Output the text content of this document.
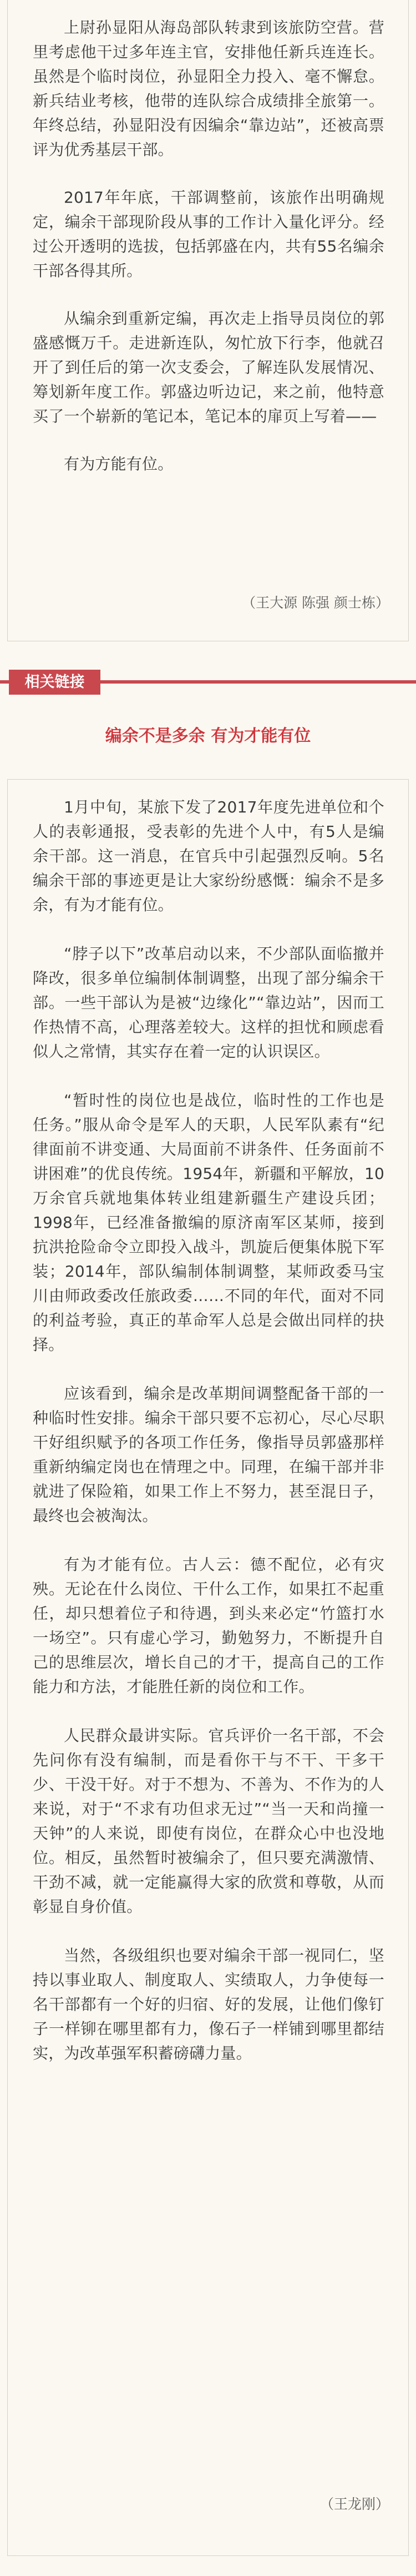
上尉孙显阳从海岛部队转隶到该旅防空营。营里考虑他干过多年连主官，安排他任新兵连连长。虽然是个临时岗位，孙显阳全力投入、毫不懈怠。新兵结业考核，他带的连队综合成绩排全旅第一。年终总结，孙显阳没有因编余“靠边站”，还被高票评为优秀基层干部。

2017年年底，干部调整前，该旅作出明确规定，编余干部现阶段从事的工作计入量化评分。经过公开透明的选拔，包括郭盛在内，共有55名编余干部各得其所。

从编余到重新定编，再次走上指导员岗位的郭盛感慨万千。走进新连队，匆忙放下行李，他就召开了到任后的第一次支委会，了解连队发展情况、筹划新年度工作。郭盛边听边记，来之前，他特意买了一个崭新的笔记本，笔记本的扉页上写着——

有为方能有位。

（王大源 陈强 颜士栋）
相关链接
编余不是多余 有为才能有位

1月中旬，某旅下发了2017年度先进单位和个人的表彰通报，受表彰的先进个人中，有5人是编余干部。这一消息，在官兵中引起强烈反响。5名编余干部的事迹更是让大家纷纷感慨：编余不是多余，有为才能有位。

“脖子以下”改革启动以来，不少部队面临撤并降改，很多单位编制体制调整，出现了部分编余干部。一些干部认为是被“边缘化”“靠边站”，因而工作热情不高，心理落差较大。这样的担忧和顾虑看似人之常情，其实存在着一定的认识误区。

“暂时性的岗位也是战位，临时性的工作也是任务。”服从命令是军人的天职，人民军队素有“纪律面前不讲变通、大局面前不讲条件、任务面前不讲困难”的优良传统。1954年，新疆和平解放，10万余官兵就地集体转业组建新疆生产建设兵团；1998年，已经准备撤编的原济南军区某师，接到抗洪抢险命令立即投入战斗，凯旋后便集体脱下军装；2014年，部队编制体制调整，某师政委马宝川由师政委改任旅政委……不同的年代，面对不同的利益考验，真正的革命军人总是会做出同样的抉择。

应该看到，编余是改革期间调整配备干部的一种临时性安排。编余干部只要不忘初心，尽心尽职干好组织赋予的各项工作任务，像指导员郭盛那样重新纳编定岗也在情理之中。同理，在编干部并非就进了保险箱，如果工作上不努力，甚至混日子，最终也会被淘汰。

有为才能有位。古人云：德不配位，必有灾殃。无论在什么岗位、干什么工作，如果扛不起重任，却只想着位子和待遇，到头来必定“竹篮打水一场空”。只有虚心学习，勤勉努力，不断提升自己的思维层次，增长自己的才干，提高自己的工作能力和方法，才能胜任新的岗位和工作。

人民群众最讲实际。官兵评价一名干部，不会先问你有没有编制，而是看你干与不干、干多干少、干没干好。对于不想为、不善为、不作为的人来说，对于“不求有功但求无过”“当一天和尚撞一天钟”的人来说，即使有岗位，在群众心中也没地位。相反，虽然暂时被编余了，但只要充满激情、干劲不减，就一定能赢得大家的欣赏和尊敬，从而彰显自身价值。

当然，各级组织也要对编余干部一视同仁，坚持以事业取人、制度取人、实绩取人，力争使每一名干部都有一个好的归宿、好的发展，让他们像钉子一样铆在哪里都有力，像石子一样铺到哪里都结实，为改革强军积蓄磅礴力量。

（王龙刚）
